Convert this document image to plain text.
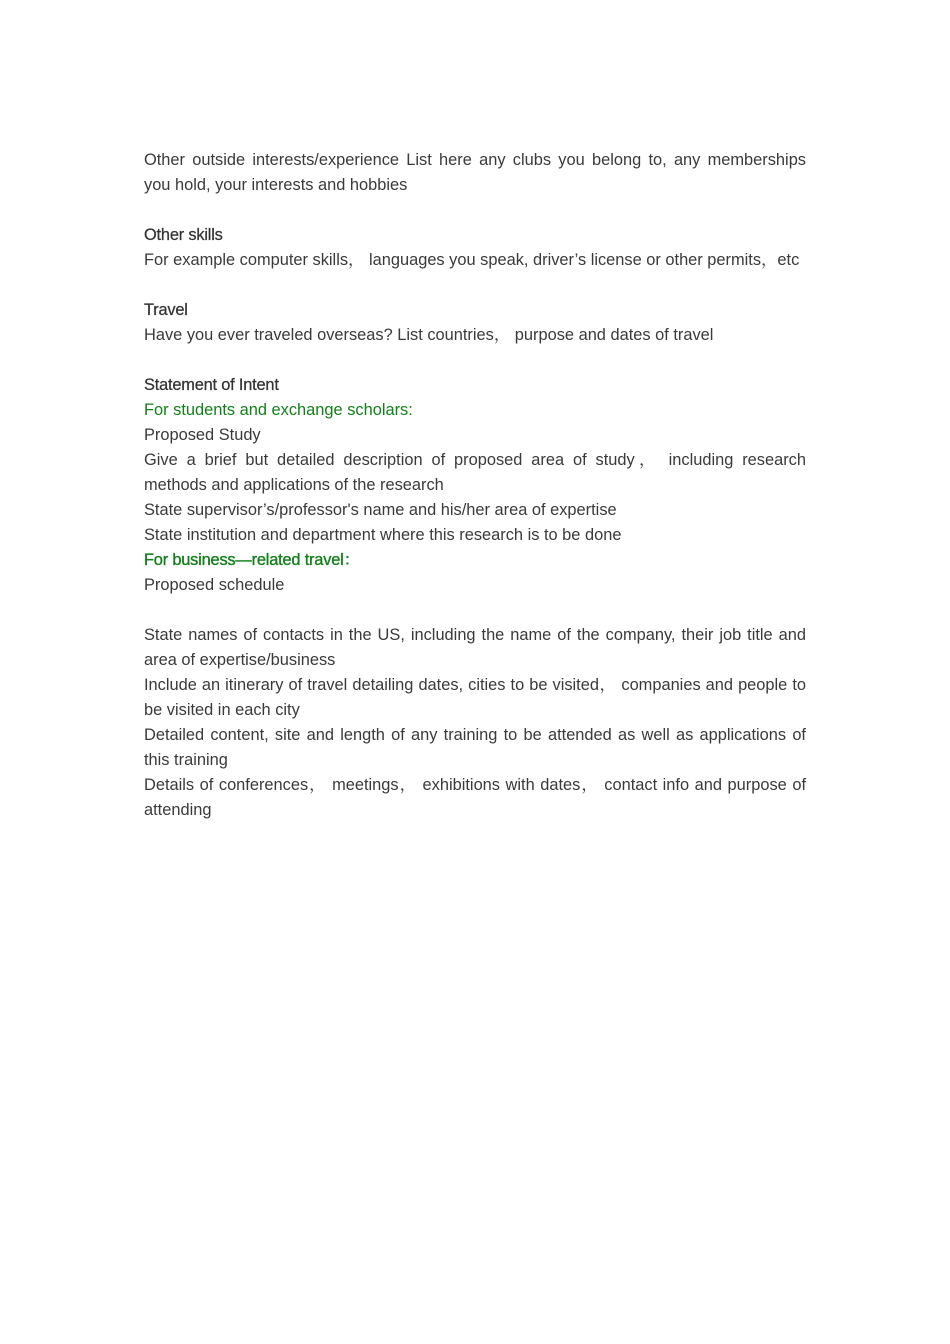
Other outside interests/experience List here any clubs you belong to, any memberships you hold, your interests and hobbies

Other skills

For example computer skills， languages you speak, driver’s license or other permits，etc

Travel

Have you ever traveled overseas? List countries， purpose and dates of travel

Statement of Intent

For students and exchange scholars:

Proposed Study

Give a brief but detailed description of proposed area of study， including research methods and applications of the research

State supervisor’s/professor's name and his/her area of expertise

State institution and department where this research is to be done

For business—related travel：

Proposed schedule

State names of contacts in the US, including the name of the company, their job title and area of expertise/business

Include an itinerary of travel detailing dates, cities to be visited， companies and people to be visited in each city

Detailed content, site and length of any training to be attended as well as applications of this training

Details of conferences， meetings， exhibitions with dates， contact info and purpose of attending
